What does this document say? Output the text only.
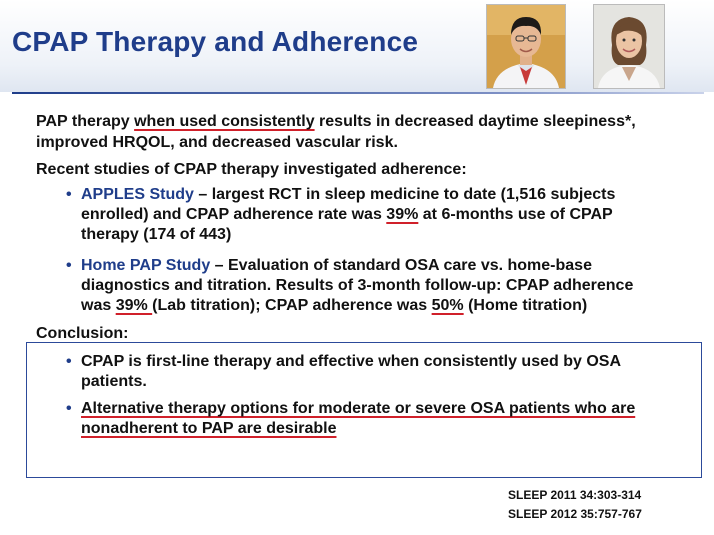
CPAP Therapy and Adherence
PAP therapy when used consistently results in decreased daytime sleepiness*,
improved HRQOL, and decreased vascular risk.
Recent studies of CPAP therapy investigated adherence:
• APPLES Study – largest RCT in sleep medicine to date (1,516 subjects
enrolled) and CPAP adherence rate was 39% at 6-months use of CPAP
therapy (174 of 443)
• Home PAP Study – Evaluation of standard OSA care vs. home-base
diagnostics and titration. Results of 3-month follow-up: CPAP adherence
was 39% (Lab titration); CPAP adherence was 50% (Home titration)
Conclusion:
• CPAP is first-line therapy and effective when consistently used by OSA
patients.
• Alternative therapy options for moderate or severe OSA patients who are
nonadherent to PAP are desirable
SLEEP 2011 34:303-314
SLEEP 2012 35:757-767
